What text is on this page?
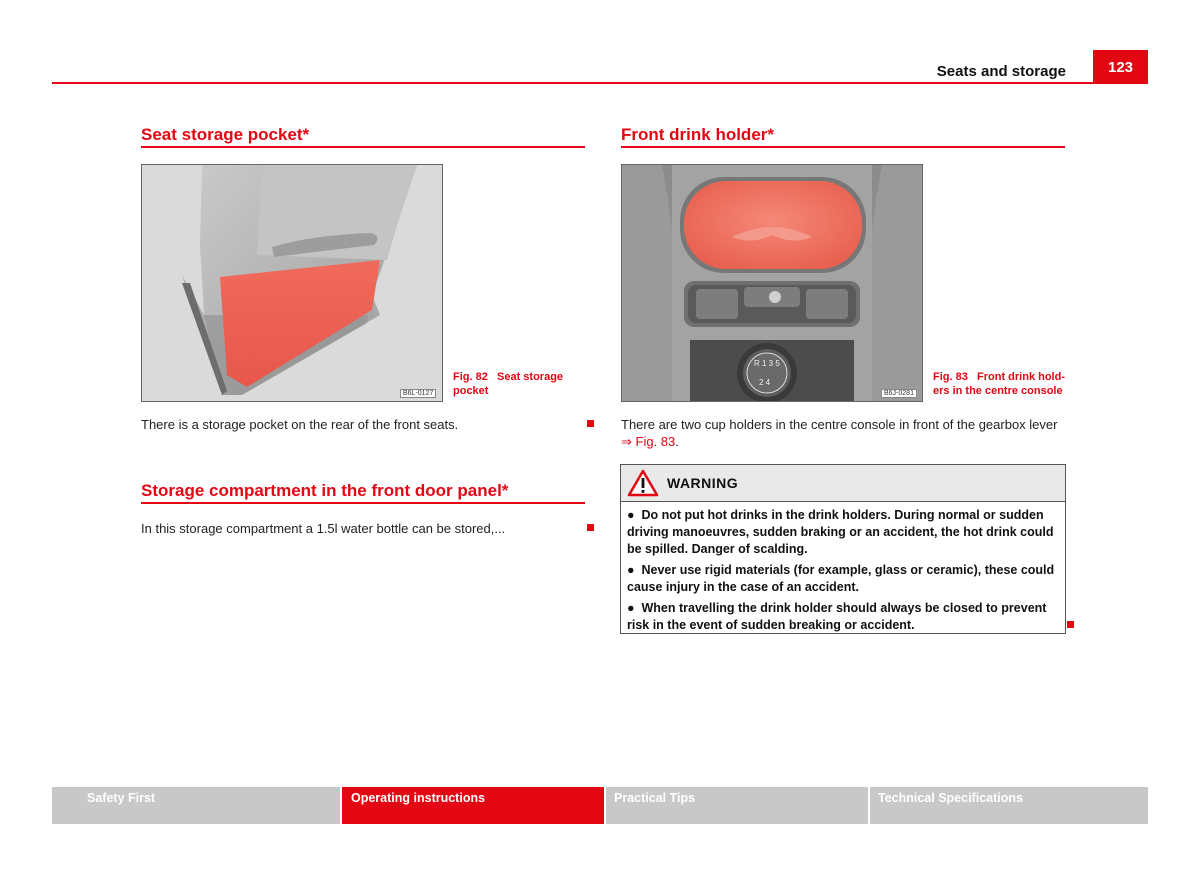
Seats and storage	123
Seat storage pocket*
B6L-0127
Fig. 82 Seat storage
pocket
There is a storage pocket on the rear of the front seats.
Storage compartment in the front door panel*
In this storage compartment a 1.5l water bottle can be stored,...
Front drink holder*
R 1 3 5
2 4
B6J-0281
Fig. 83 Front drink hold-
ers in the centre console
There are two cup holders in the centre console in front of the gearbox lever
⇒ Fig. 83.
WARNING
●  Do not put hot drinks in the drink holders. During normal or sudden
driving manoeuvres, sudden braking or an accident, the hot drink could
be spilled. Danger of scalding.
●  Never use rigid materials (for example, glass or ceramic), these could
cause injury in the case of an accident.
●  When travelling the drink holder should always be closed to prevent
risk in the event of sudden breaking or accident.
Safety First	Operating instructions	Practical Tips	Technical Specifications
